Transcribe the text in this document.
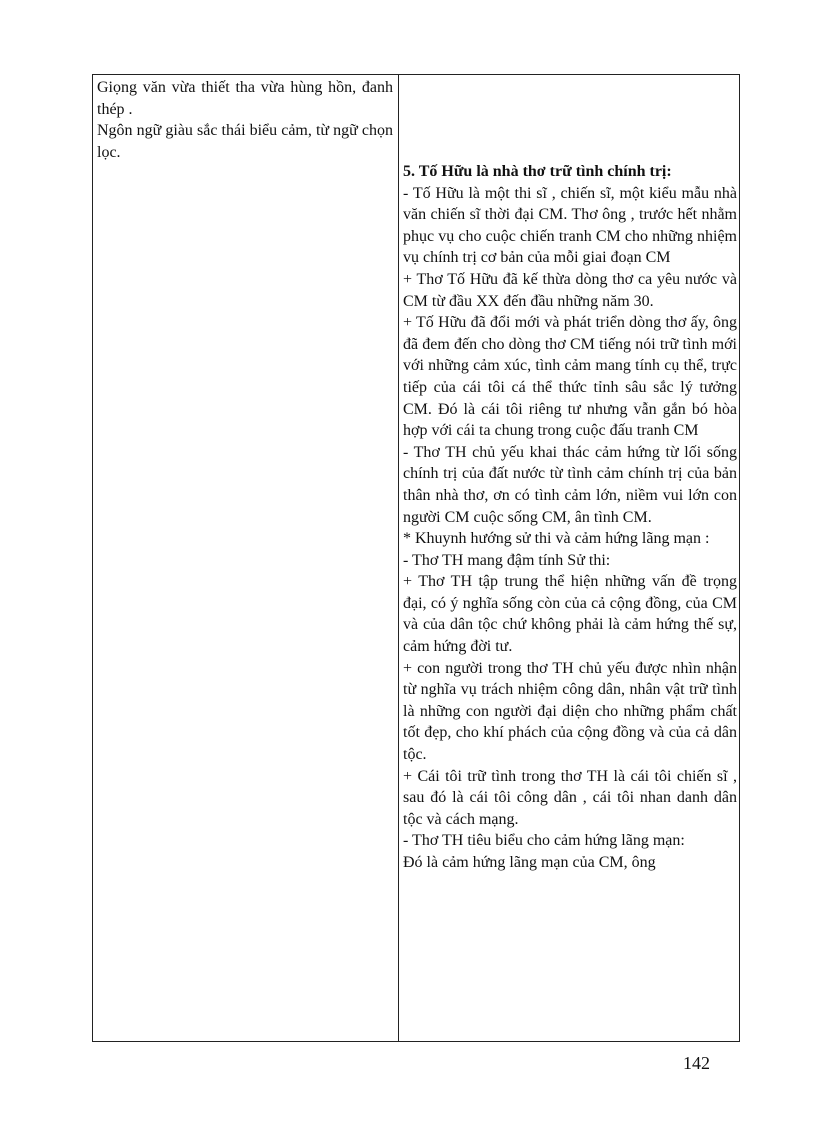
Giọng văn vừa thiết tha vừa hùng hồn, đanh thép .

Ngôn ngữ giàu sắc thái biểu cảm, từ ngữ chọn lọc.

5. Tố Hữu là nhà thơ trữ tình chính trị:

- Tố Hữu là một thi sĩ , chiến sĩ, một kiểu mẫu nhà văn chiến sĩ thời đại CM. Thơ ông , trước hết nhằm phục vụ cho cuộc chiến tranh CM cho những nhiệm vụ chính trị cơ bản của mỗi giai đoạn CM

+ Thơ Tố Hữu đã kế thừa dòng thơ ca yêu nước và CM từ đầu XX đến đầu những năm 30.

+ Tố Hữu đã đổi mới và phát triển dòng thơ ấy, ông đã đem đến cho dòng thơ CM tiếng nói trữ tình mới với những cảm xúc, tình cảm mang tính cụ thể, trực tiếp của cái tôi cá thể thức tỉnh sâu sắc lý tưởng CM. Đó là cái tôi riêng tư nhưng vẫn gắn bó hòa hợp với cái ta chung trong cuộc đấu tranh CM

- Thơ TH chủ yếu khai thác cảm hứng từ lối sống chính trị của đất nước từ tình cảm chính trị của bản thân nhà thơ, ơn có tình cảm lớn, niềm vui lớn con người CM cuộc sống CM, ân tình CM.

* Khuynh hướng sử thi và cảm hứng lãng mạn :

- Thơ TH mang đậm tính Sử thi:

+ Thơ TH tập trung thể hiện những vấn đề trọng đại, có ý nghĩa sống còn của cả cộng đồng, của CM và của dân tộc chứ không phải là cảm hứng thế sự, cảm hứng đời tư.

+ con người trong thơ TH chủ yếu được nhìn nhận từ nghĩa vụ trách nhiệm công dân, nhân vật trữ tình là những con người đại diện cho những phẩm chất tốt đẹp, cho khí phách của cộng đồng và của cả dân tộc.

+ Cái tôi trữ tình trong thơ TH là cái tôi chiến sĩ , sau đó là cái tôi công dân , cái tôi nhan danh dân tộc và cách mạng.

- Thơ TH tiêu biểu cho cảm hứng lãng mạn:

Đó là cảm hứng lãng mạn của CM, ông

142
